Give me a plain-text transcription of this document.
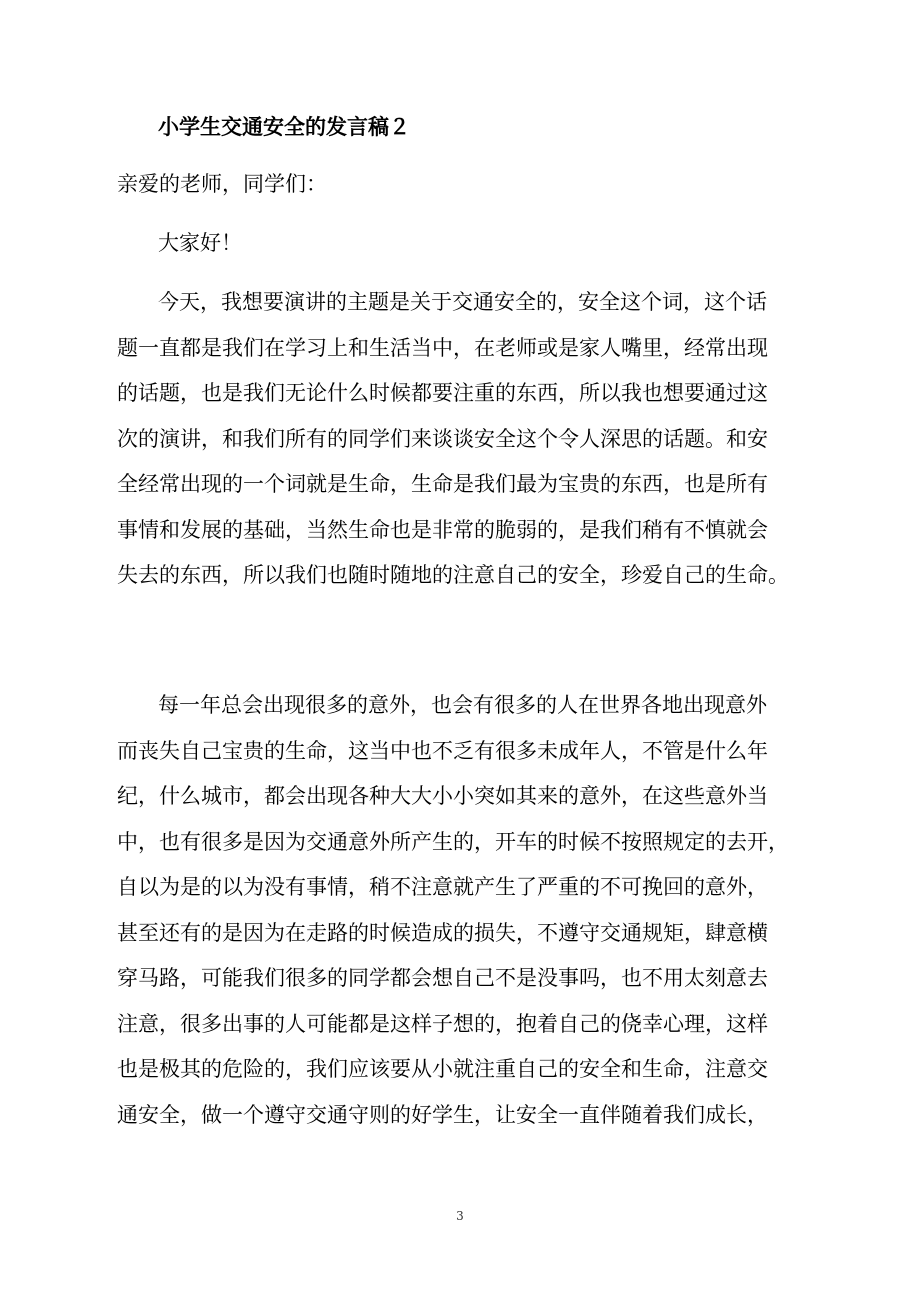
小学生交通安全的发言稿２
亲爱的老师，同学们：
大家好！

今天，我想要演讲的主题是关于交通安全的，安全这个词，这个话
题一直都是我们在学习上和生活当中，在老师或是家人嘴里，经常出现
的话题，也是我们无论什么时候都要注重的东西，所以我也想要通过这
次的演讲，和我们所有的同学们来谈谈安全这个令人深思的话题。和安
全经常出现的一个词就是生命，生命是我们最为宝贵的东西，也是所有
事情和发展的基础，当然生命也是非常的脆弱的，是我们稍有不慎就会
失去的东西，所以我们也随时随地的注意自己的安全，珍爱自己的生命。

每一年总会出现很多的意外，也会有很多的人在世界各地出现意外
而丧失自己宝贵的生命，这当中也不乏有很多未成年人，不管是什么年
纪，什么城市，都会出现各种大大小小突如其来的意外，在这些意外当
中，也有很多是因为交通意外所产生的，开车的时候不按照规定的去开，
自以为是的以为没有事情，稍不注意就产生了严重的不可挽回的意外，
甚至还有的是因为在走路的时候造成的损失，不遵守交通规矩，肆意横
穿马路，可能我们很多的同学都会想自己不是没事吗，也不用太刻意去
注意，很多出事的人可能都是这样子想的，抱着自己的侥幸心理，这样
也是极其的危险的，我们应该要从小就注重自己的安全和生命，注意交
通安全，做一个遵守交通守则的好学生，让安全一直伴随着我们成长，

3
